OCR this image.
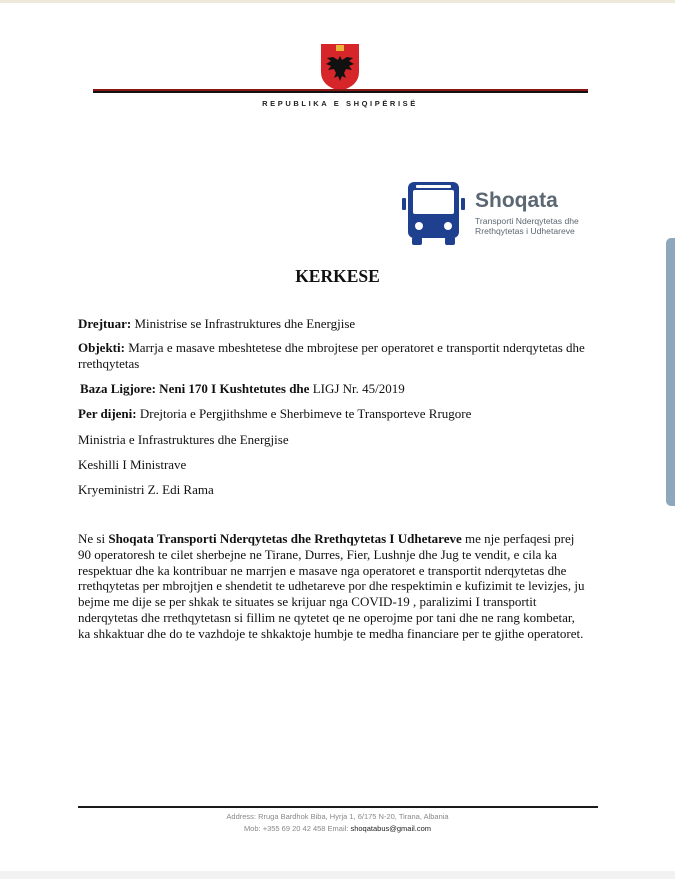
REPUBLIKA E SHQIPËRISË
Shoqata
Transporti Nderqytetas dhe
Rrethqytetas i Udhetareve
KERKESE
Drejtuar: Ministrise se Infrastruktures dhe Energjise
Objekti: Marrja e masave mbeshtetese dhe mbrojtese per operatoret e transportit nderqytetas dhe
rrethqytetas
Baza Ligjore: Neni 170 I Kushtetutes dhe LIGJ Nr. 45/2019
Per dijeni: Drejtoria e Pergjithshme e Sherbimeve te Transporteve Rrugore
Ministria e Infrastruktures dhe Energjise
Keshilli I Ministrave
Kryeministri Z. Edi Rama
Ne si Shoqata Transporti Nderqytetas dhe Rrethqytetas I Udhetareve me nje perfaqesi prej
90 operatoresh te cilet sherbejne ne Tirane, Durres, Fier, Lushnje dhe Jug te vendit, e cila ka
respektuar dhe ka kontribuar ne marrjen e masave nga operatoret e transportit nderqytetas dhe
rrethqytetas per mbrojtjen e shendetit te udhetareve por dhe respektimin e kufizimit te levizjes, ju
bejme me dije se per shkak te situates se krijuar nga COVID-19 , paralizimi I transportit
nderqytetas dhe rrethqytetasn si fillim ne qytetet qe ne operojme por tani dhe ne rang kombetar,
ka shkaktuar dhe do te vazhdoje te shkaktoje humbje te medha financiare per te gjithe operatoret.
Address: Rruga Bardhok Biba, Hyrja 1, 6/175 N-20, Tirana, Albania
Mob: +355 69 20 42 458 Email: shoqatabus@gmail.com
